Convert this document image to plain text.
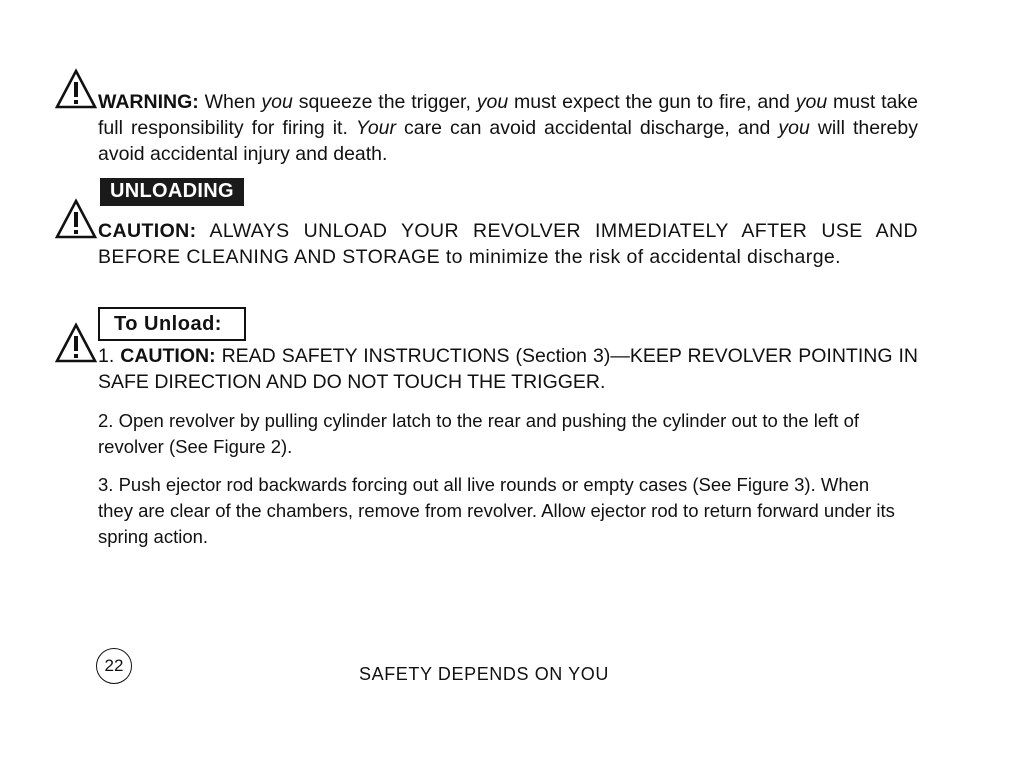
WARNING: When you squeeze the trigger, you must expect the gun to fire, and you must take full responsibility for firing it. Your care can avoid accidental discharge, and you will thereby avoid accidental injury and death.
UNLOADING
CAUTION: ALWAYS UNLOAD YOUR REVOLVER IMMEDIATELY AFTER USE AND BEFORE CLEANING AND STORAGE to minimize the risk of accidental discharge.
To Unload:
1. CAUTION: READ SAFETY INSTRUCTIONS (Section 3)—KEEP REVOLVER POINTING IN SAFE DIRECTION AND DO NOT TOUCH THE TRIGGER.
2. Open revolver by pulling cylinder latch to the rear and pushing the cylinder out to the left of revolver (See Figure 2).
3. Push ejector rod backwards forcing out all live rounds or empty cases (See Figure 3). When they are clear of the chambers, remove from revolver. Allow ejector rod to return forward under its spring action.
22	SAFETY DEPENDS ON YOU
